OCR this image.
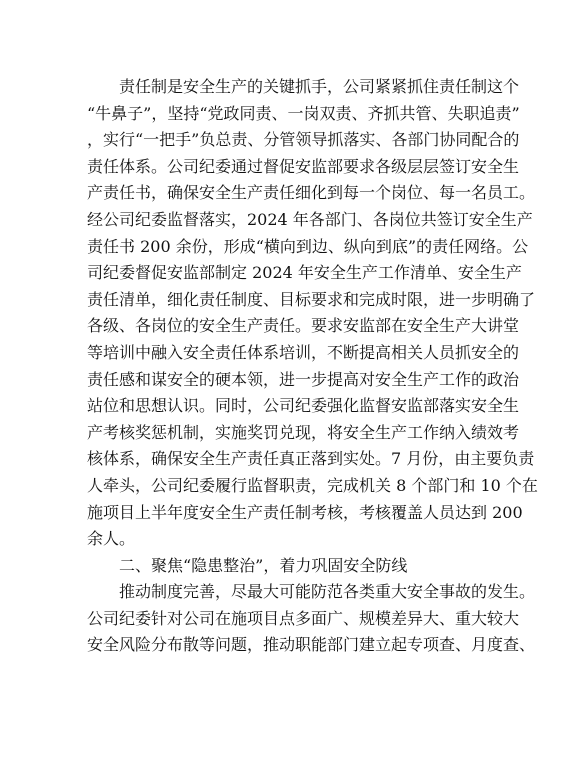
责任制是安全生产的关键抓手，公司紧紧抓住责任制这个
“牛鼻子”，坚持“党政同责、一岗双责、齐抓共管、失职追责”
，实行“一把手”负总责、分管领导抓落实、各部门协同配合的
责任体系。公司纪委通过督促安监部要求各级层层签订安全生
产责任书，确保安全生产责任细化到每一个岗位、每一名员工。
经公司纪委监督落实，2024 年各部门、各岗位共签订安全生产
责任书 200 余份，形成“横向到边、纵向到底”的责任网络。公
司纪委督促安监部制定 2024 年安全生产工作清单、安全生产
责任清单，细化责任制度、目标要求和完成时限，进一步明确了
各级、各岗位的安全生产责任。要求安监部在安全生产大讲堂
等培训中融入安全责任体系培训，不断提高相关人员抓安全的
责任感和谋安全的硬本领，进一步提高对安全生产工作的政治
站位和思想认识。同时，公司纪委强化监督安监部落实安全生
产考核奖惩机制，实施奖罚兑现，将安全生产工作纳入绩效考
核体系，确保安全生产责任真正落到实处。7 月份，由主要负责
人牵头，公司纪委履行监督职责，完成机关 8 个部门和 10 个在
施项目上半年度安全生产责任制考核，考核覆盖人员达到 200
余人。
二、聚焦“隐患整治”，着力巩固安全防线
推动制度完善，尽最大可能防范各类重大安全事故的发生。
公司纪委针对公司在施项目点多面广、规模差异大、重大较大
安全风险分布散等问题，推动职能部门建立起专项查、月度查、
